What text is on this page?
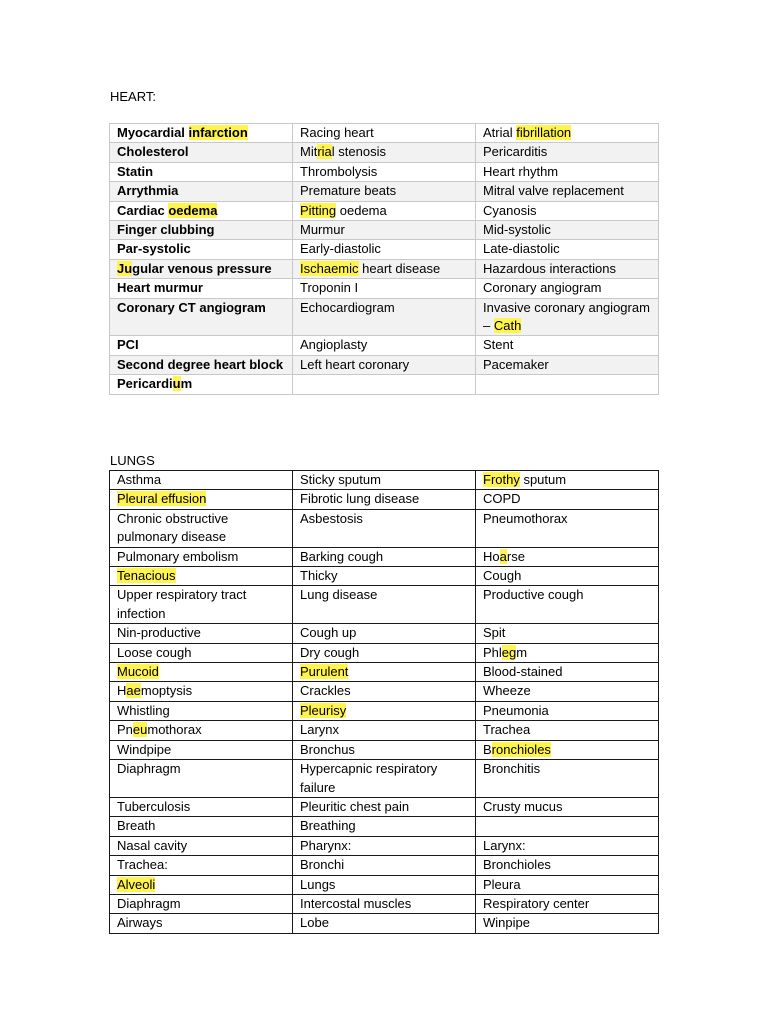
HEART:
Myocardial infarction	Racing heart	Atrial fibrillation
Cholesterol	Mitrial stenosis	Pericarditis
Statin	Thrombolysis	Heart rhythm
Arrythmia	Premature beats	Mitral valve replacement
Cardiac oedema	Pitting oedema	Cyanosis
Finger clubbing	Murmur	Mid-systolic
Par-systolic	Early-diastolic	Late-diastolic
Jugular venous pressure	Ischaemic heart disease	Hazardous interactions
Heart murmur	Troponin I	Coronary angiogram
Coronary CT angiogram	Echocardiogram	Invasive coronary angiogram – Cath
PCI	Angioplasty	Stent
Second degree heart block	Left heart coronary	Pacemaker
Pericardium		
LUNGS
Asthma	Sticky sputum	Frothy sputum
Pleural effusion	Fibrotic lung disease	COPD
Chronic obstructive pulmonary disease	Asbestosis	Pneumothorax
Pulmonary embolism	Barking cough	Hoarse
Tenacious	Thicky	Cough
Upper respiratory tract infection	Lung disease	Productive cough
Nin-productive	Cough up	Spit
Loose cough	Dry cough	Phlegm
Mucoid	Purulent	Blood-stained
Haemoptysis	Crackles	Wheeze
Whistling	Pleurisy	Pneumonia
Pneumothorax	Larynx	Trachea
Windpipe	Bronchus	Bronchioles
Diaphragm	Hypercapnic respiratory failure	Bronchitis
Tuberculosis	Pleuritic chest pain	Crusty mucus
Breath	Breathing	
Nasal cavity	Pharynx:	Larynx:
Trachea:	Bronchi	Bronchioles
Alveoli	Lungs	Pleura
Diaphragm	Intercostal muscles	Respiratory center
Airways	Lobe	Winpipe
